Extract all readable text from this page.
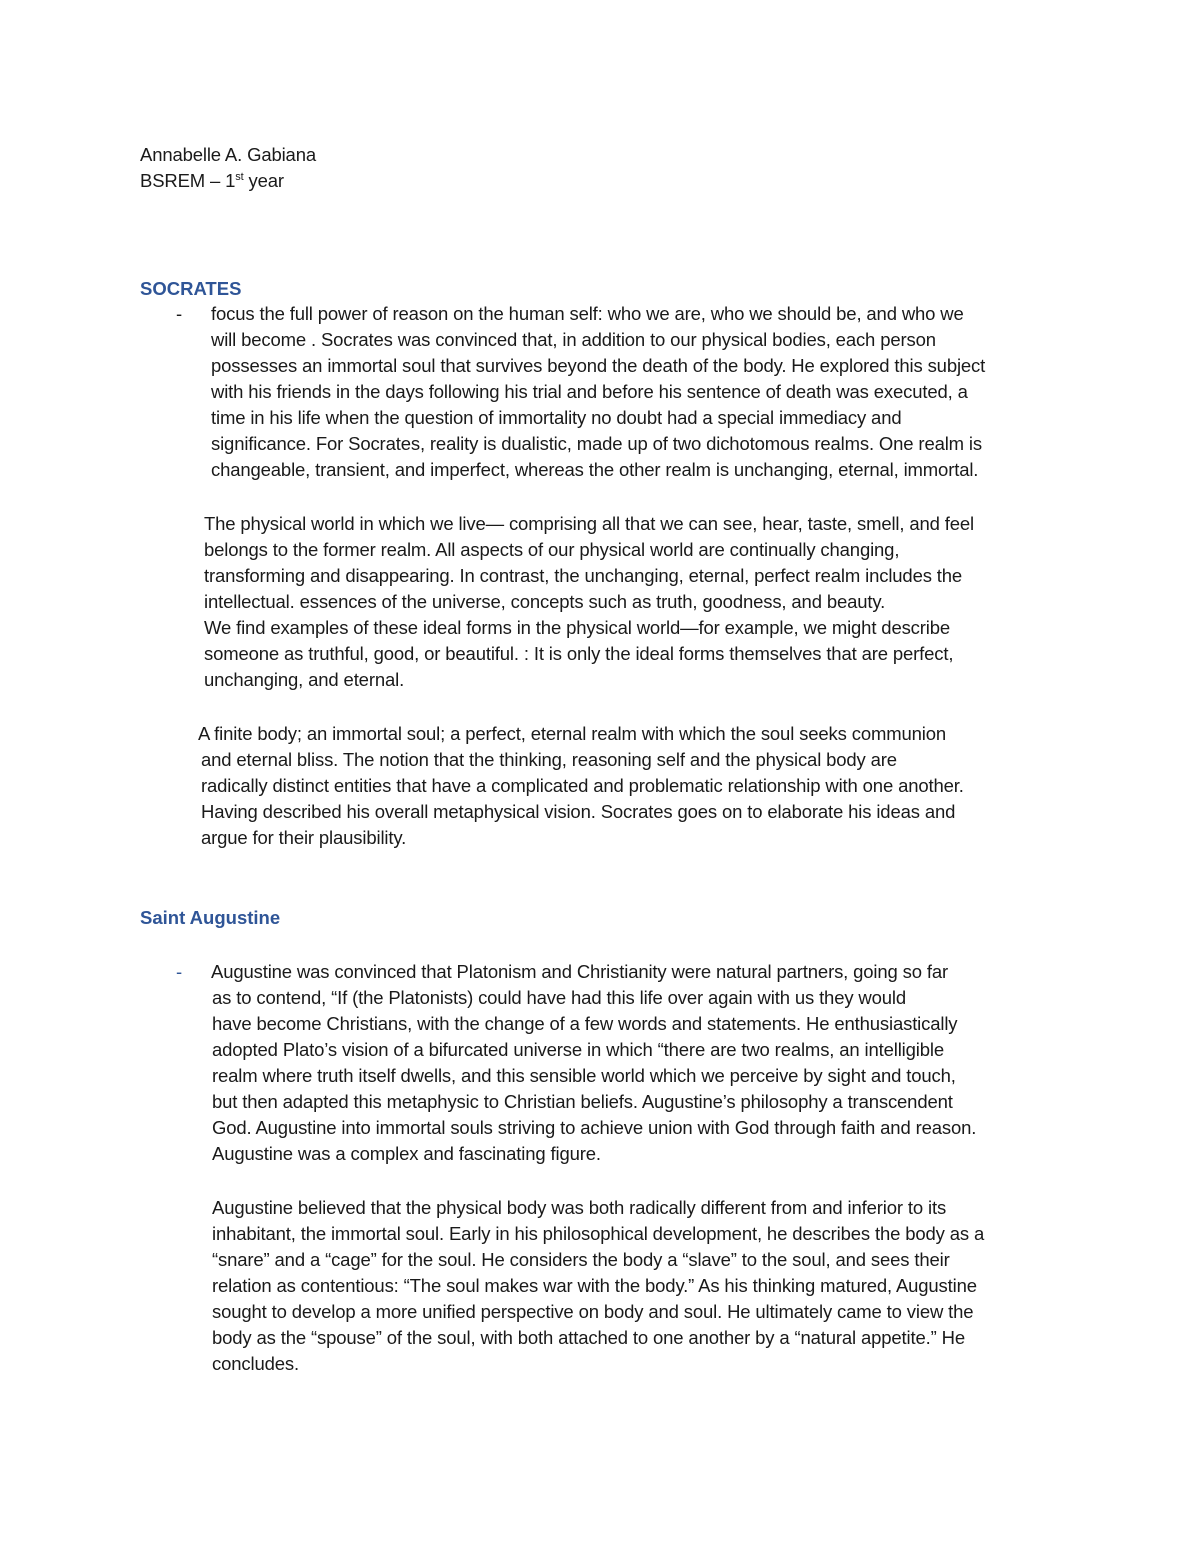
Annabelle A. Gabiana
BSREM – 1st year
SOCRATES
- focus the full power of reason on the human self: who we are, who we should be, and who we
will become . Socrates was convinced that, in addition to our physical bodies, each person
possesses an immortal soul that survives beyond the death of the body. He explored this subject
with his friends in the days following his trial and before his sentence of death was executed, a
time in his life when the question of immortality no doubt had a special immediacy and
significance. For Socrates, reality is dualistic, made up of two dichotomous realms. One realm is
changeable, transient, and imperfect, whereas the other realm is unchanging, eternal, immortal.
The physical world in which we live— comprising all that we can see, hear, taste, smell, and feel
belongs to the former realm. All aspects of our physical world are continually changing,
transforming and disappearing. In contrast, the unchanging, eternal, perfect realm includes the
intellectual. essences of the universe, concepts such as truth, goodness, and beauty.
We find examples of these ideal forms in the physical world—for example, we might describe
someone as truthful, good, or beautiful. : It is only the ideal forms themselves that are perfect,
unchanging, and eternal.
A finite body; an immortal soul; a perfect, eternal realm with which the soul seeks communion
and eternal bliss. The notion that the thinking, reasoning self and the physical body are
radically distinct entities that have a complicated and problematic relationship with one another.
Having described his overall metaphysical vision. Socrates goes on to elaborate his ideas and
argue for their plausibility.
Saint Augustine
- Augustine was convinced that Platonism and Christianity were natural partners, going so far
as to contend, “If (the Platonists) could have had this life over again with us they would
have become Christians, with the change of a few words and statements. He enthusiastically
adopted Plato’s vision of a bifurcated universe in which “there are two realms, an intelligible
realm where truth itself dwells, and this sensible world which we perceive by sight and touch,
but then adapted this metaphysic to Christian beliefs. Augustine’s philosophy a transcendent
God. Augustine into immortal souls striving to achieve union with God through faith and reason.
Augustine was a complex and fascinating figure.
Augustine believed that the physical body was both radically different from and inferior to its
inhabitant, the immortal soul. Early in his philosophical development, he describes the body as a
“snare” and a “cage” for the soul. He considers the body a “slave” to the soul, and sees their
relation as contentious: “The soul makes war with the body.” As his thinking matured, Augustine
sought to develop a more unified perspective on body and soul. He ultimately came to view the
body as the “spouse” of the soul, with both attached to one another by a “natural appetite.” He
concludes.
